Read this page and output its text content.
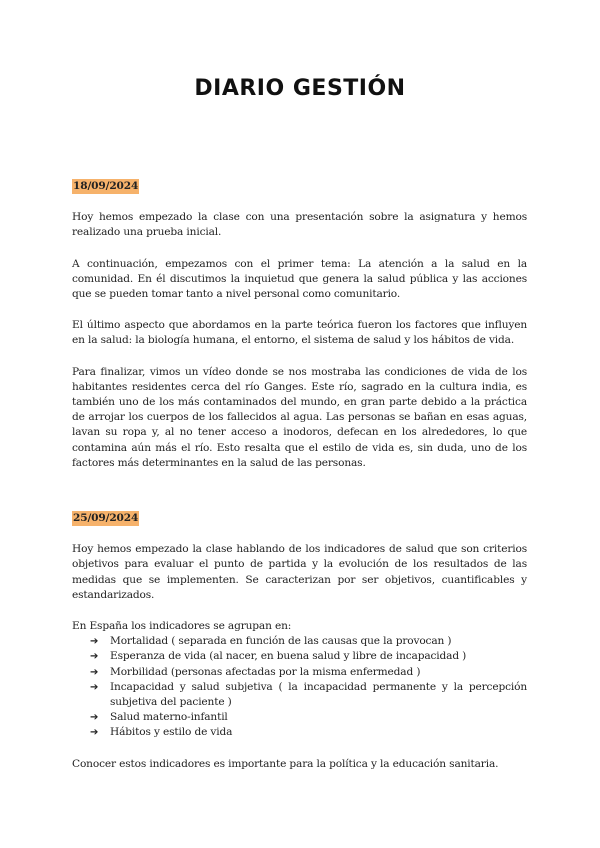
DIARIO GESTIÓN
18/09/2024

Hoy hemos empezado la clase con una presentación sobre la asignatura y hemos realizado una prueba inicial.

A continuación, empezamos con el primer tema: La atención a la salud en la comunidad. En él discutimos la inquietud que genera la salud pública y las acciones que se pueden tomar tanto a nivel personal como comunitario.

El último aspecto que abordamos en la parte teórica fueron los factores que influyen en la salud: la biología humana, el entorno, el sistema de salud y los hábitos de vida.

Para finalizar, vimos un vídeo donde se nos mostraba las condiciones de vida de los habitantes residentes cerca del río Ganges. Este río, sagrado en la cultura india, es también uno de los más contaminados del mundo, en gran parte debido a la práctica de arrojar los cuerpos de los fallecidos al agua. Las personas se bañan en esas aguas, lavan su ropa y, al no tener acceso a inodoros, defecan en los alrededores, lo que contamina aún más el río. Esto resalta que el estilo de vida es, sin duda, uno de los factores más determinantes en la salud de las personas.

25/09/2024

Hoy hemos empezado la clase hablando de los indicadores de salud que son criterios objetivos para evaluar el punto de partida y la evolución de los resultados de las medidas que se implementen. Se caracterizan por ser objetivos, cuantificables y estandarizados.

En España los indicadores se agrupan en:

➔ Mortalidad ( separada en función de las causas que la provocan )
➔ Esperanza de vida (al nacer, en buena salud y libre de incapacidad )
➔ Morbilidad (personas afectadas por la misma enfermedad )
➔ Incapacidad y salud subjetiva ( la incapacidad permanente y la percepción subjetiva del paciente )
➔ Salud materno-infantil
➔ Hábitos y estilo de vida

Conocer estos indicadores es importante para la política y la educación sanitaria.
